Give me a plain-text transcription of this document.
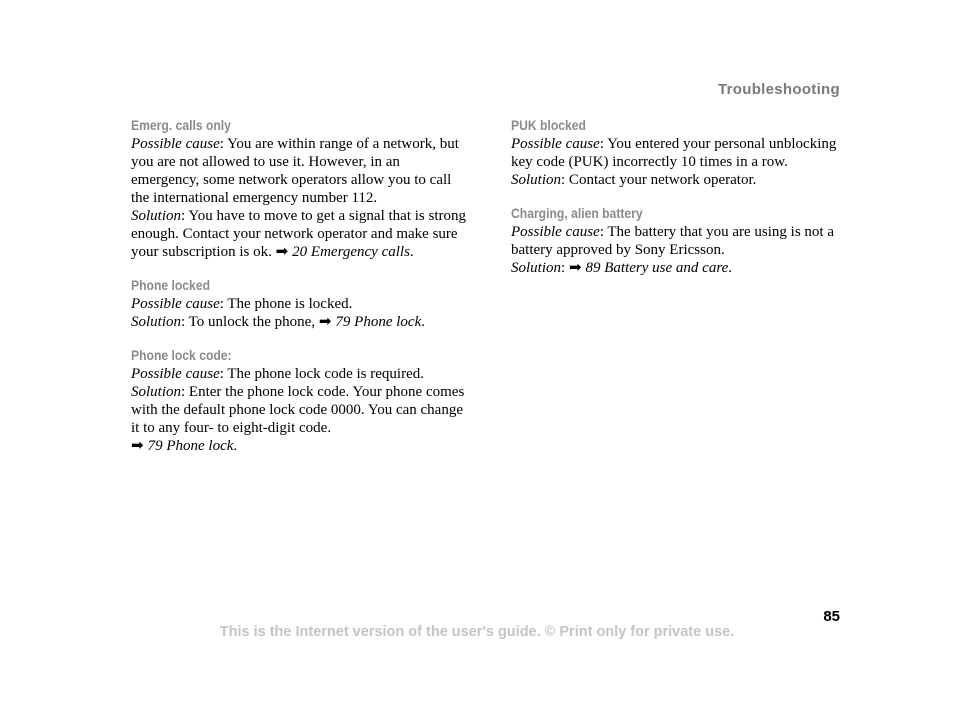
Troubleshooting
Emerg. calls only

Possible cause: You are within range of a network, but you are not allowed to use it. However, in an emergency, some network operators allow you to call the international emergency number 112.

Solution: You have to move to get a signal that is strong enough. Contact your network operator and make sure your subscription is ok. ➡ 20 Emergency calls.

Phone locked

Possible cause: The phone is locked.

Solution: To unlock the phone, ➡ 79 Phone lock.

Phone lock code:

Possible cause: The phone lock code is required.

Solution: Enter the phone lock code. Your phone comes with the default phone lock code 0000. You can change it to any four- to eight-digit code.

➡ 79 Phone lock.

PUK blocked

Possible cause: You entered your personal unblocking key code (PUK) incorrectly 10 times in a row.

Solution: Contact your network operator.

Charging, alien battery

Possible cause: The battery that you are using is not a battery approved by Sony Ericsson.

Solution: ➡ 89 Battery use and care.

85
This is the Internet version of the user's guide. © Print only for private use.
